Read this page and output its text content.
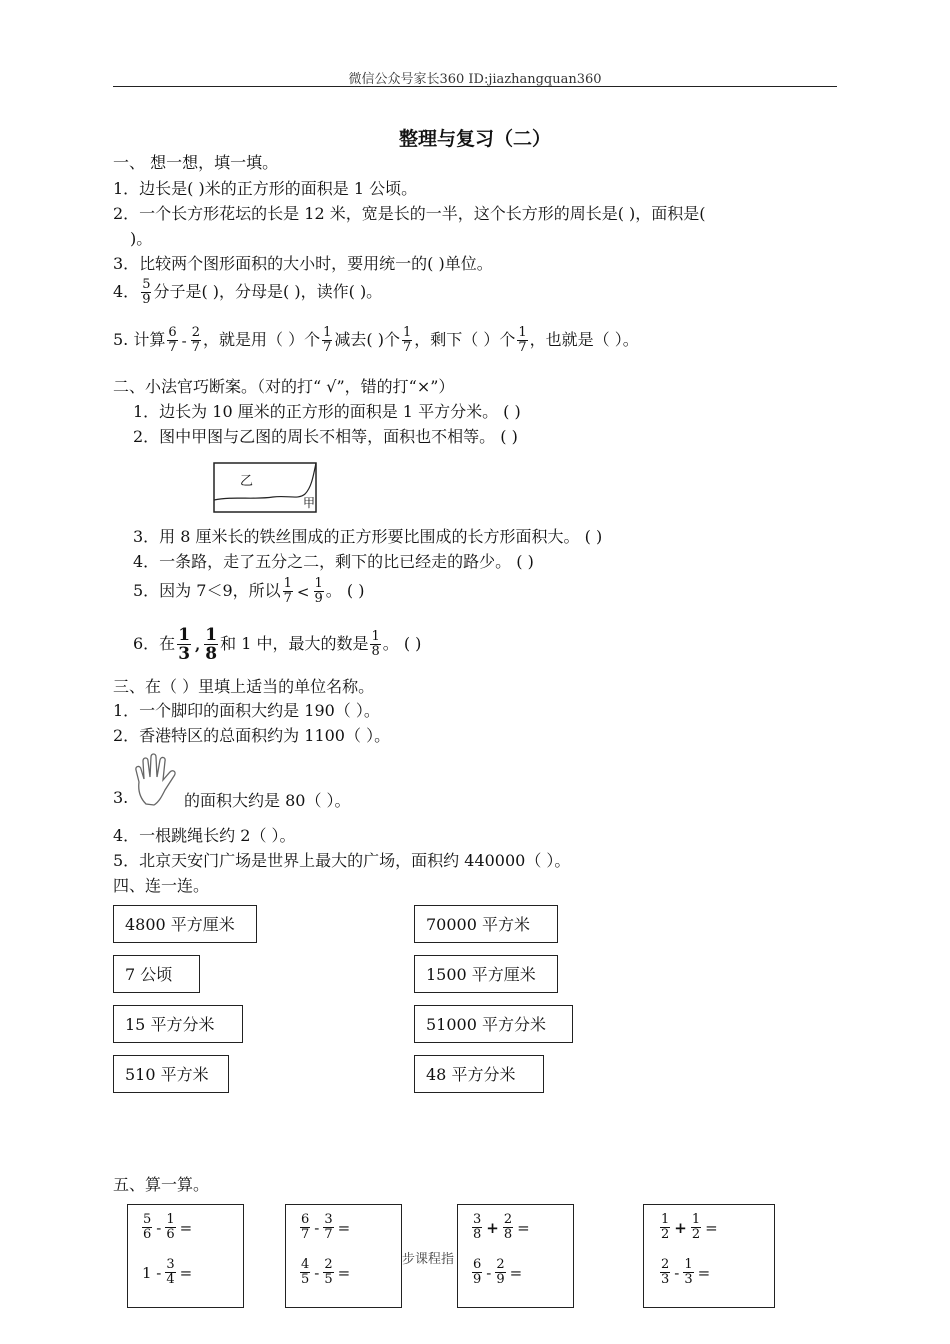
微信公众号家长360 ID:jiazhangquan360
整理与复习（二）
一、 想一想，填一填。
1．边长是( )米的正方形的面积是 1 公顷。
2．一个长方形花坛的长是 12 米，宽是长的一半，这个长方形的周长是( )，面积是(
)。
3．比较两个图形面积的大小时，要用统一的( )单位。
4． $\frac{5}{9}$ 分子是( )，分母是( )，读作( )。
5. 计算 $\frac{6}{7} - \frac{2}{7}$ ，就是用（ ）个 $\frac{1}{7}$ 减去( )个 $\frac{1}{7}$ ，剩下（ ）个 $\frac{1}{7}$ ，也就是（ ）。
二、小法官巧断案。（对的打“ √”，错的打“×”）
1．边长为 10 厘米的正方形的面积是 1 平方分米。 ( )
2．图中甲图与乙图的周长不相等，面积也不相等。 ( )
乙
甲
3．用 8 厘米长的铁丝围成的正方形要比围成的长方形面积大。 ( )
4．一条路，走了五分之二，剩下的比已经走的路少。 ( )
5．因为 7＜9，所以 $\frac{1}{7} < \frac{1}{9}$ 。 ( )
6．在 $\frac{1}{3}$ , $\frac{1}{8}$ 和 1 中，最大的数是 $\frac{1}{8}$ 。 ( )
三、在（ ）里填上适当的单位名称。
1．一个脚印的面积大约是 190（ ）。
2．香港特区的总面积约为 1100（ ）。
3.	的面积大约是 80（ ）。
4．一根跳绳长约 2（ ）。
5．北京天安门广场是世界上最大的广场，面积约 440000（ ）。
四、连一连。
4800 平方厘米
7 公顷
15 平方分米
510 平方米
70000 平方米
1500 平方厘米
51000 平方分米
48 平方分米
五、算一算。
$\frac{5}{6} - \frac{1}{6}$ =
$1 - \frac{3}{4}$ =
$\frac{6}{7} - \frac{3}{7}$ =
$\frac{4}{5} - \frac{2}{5}$ =
步课程指
$\frac{3}{8} + \frac{2}{8}$ =
$\frac{6}{9} - \frac{2}{9}$ =
$\frac{1}{2} + \frac{1}{2}$ =
$\frac{2}{3} - \frac{1}{3}$ =
